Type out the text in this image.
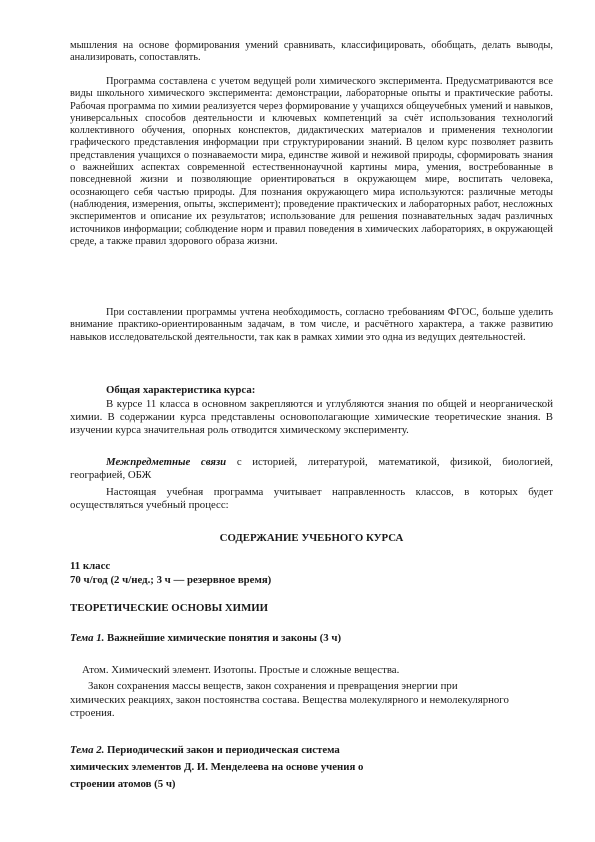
мышления на основе формирования умений сравнивать, классифицировать, обобщать, делать выводы, анализировать, сопоставлять.

Программа составлена с учетом ведущей роли химического эксперимента. Предусматриваются все виды школьного химического эксперимента: демонстрации, лабораторные опыты и практические работы. Рабочая программа по химии реализуется через формирование у учащихся общеучебных умений и навыков, универсальных способов деятельности и ключевых компетенций за счёт использования технологий коллективного обучения, опорных конспектов, дидактических материалов и применения технологии графического представления информации при структурировании знаний. В целом курс позволяет развить представления учащихся о познаваемости мира, единстве живой и неживой природы, сформировать знания о важнейших аспектах современной естественнонаучной картины мира, умения, востребованные в повседневной жизни и позволяющие ориентироваться в окружающем мире, воспитать человека, осознающего себя частью природы. Для познания окружающего мира используются: различные методы (наблюдения, измерения, опыты, эксперимент); проведение практических и лабораторных работ, несложных экспериментов и описание их результатов; использование для решения познавательных задач различных источников информации; соблюдение норм и правил поведения в химических лабораториях, в окружающей среде, а также правил здорового образа жизни.

При составлении программы учтена необходимость, согласно требованиям ФГОС, больше уделить внимание практико-ориентированным задачам, в том числе, и расчётного характера, а также развитию навыков исследовательской деятельности, так как в рамках химии это одна из ведущих деятельностей.

Общая характеристика курса:

В курсе 11 класса в основном закрепляются и углубляются знания по общей и неорганической химии. В содержании курса представлены основополагающие химические теоретические знания. В изучении курса значительная роль отводится химическому эксперименту.

Межпредметные связи с историей, литературой, математикой, физикой, биологией, географией, ОБЖ

Настоящая учебная программа учитывает направленность классов, в которых будет осуществляться учебный процесс:

СОДЕРЖАНИЕ УЧЕБНОГО КУРСА

11 класс

70 ч/год (2 ч/нед.; 3 ч — резервное время)

ТЕОРЕТИЧЕСКИЕ ОСНОВЫ ХИМИИ

Тема 1. Важнейшие химические понятия и законы (3 ч)

Атом. Химический элемент. Изотопы. Простые и сложные вещества.

Закон сохранения массы веществ, закон сохранения и превращения энергии при химических реакциях, закон постоянства состава. Вещества молекулярного и немолекулярного строения.

Тема 2. Периодический закон и периодическая система химических элементов Д. И. Менделеева на основе учения о строении атомов (5 ч)
